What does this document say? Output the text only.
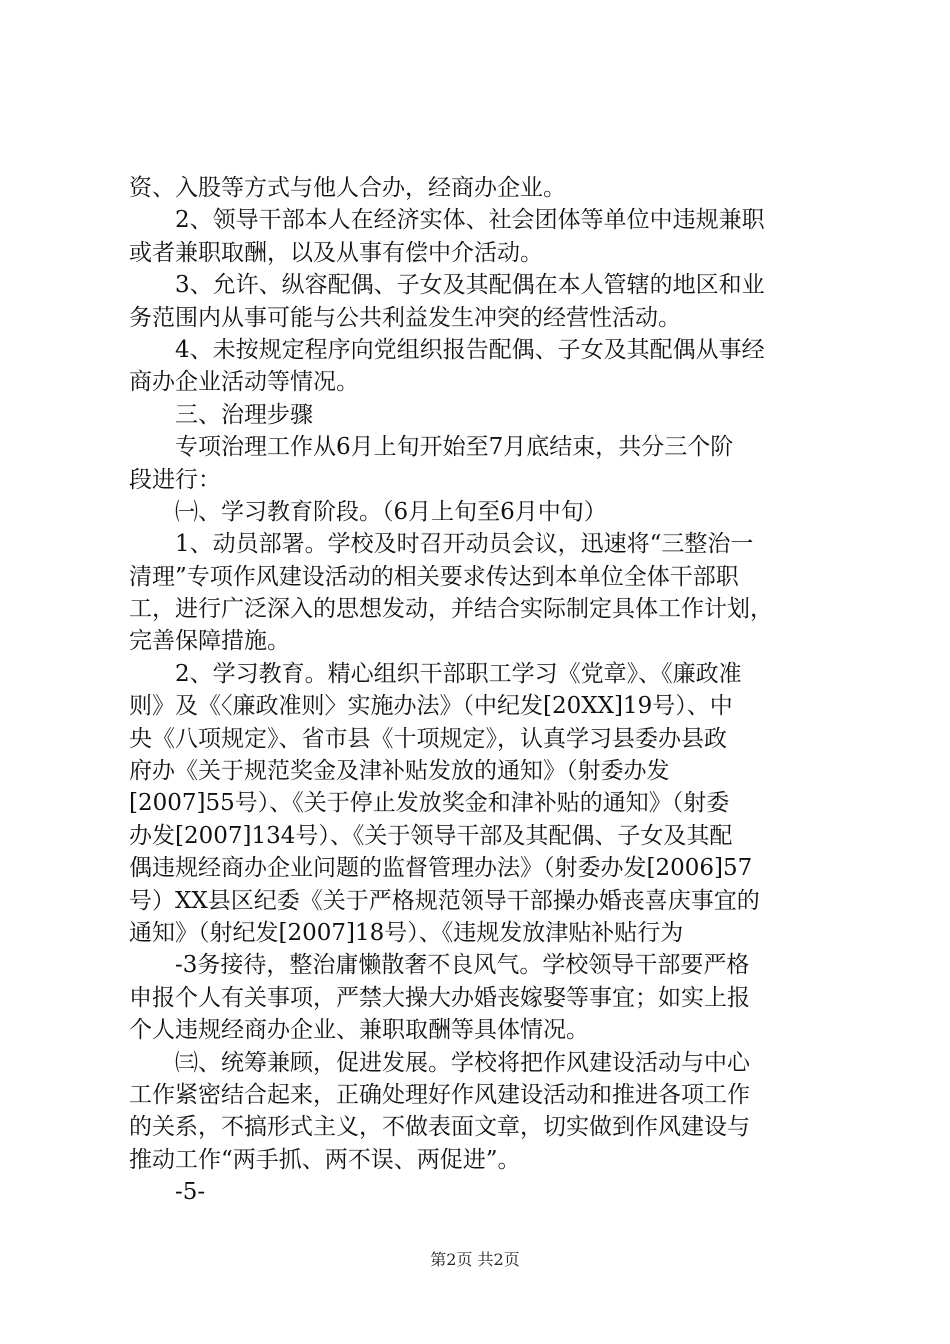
资、入股等方式与他人合办，经商办企业。
　　2、领导干部本人在经济实体、社会团体等单位中违规兼职
或者兼职取酬，以及从事有偿中介活动。
　　3、允许、纵容配偶、子女及其配偶在本人管辖的地区和业
务范围内从事可能与公共利益发生冲突的经营性活动。
　　4、未按规定程序向党组织报告配偶、子女及其配偶从事经
商办企业活动等情况。
　　三、治理步骤
　　专项治理工作从6月上旬开始至7月底结束，共分三个阶
段进行：
　　㈠、学习教育阶段。（6月上旬至6月中旬）
　　1、动员部署。学校及时召开动员会议，迅速将“三整治一
清理”专项作风建设活动的相关要求传达到本单位全体干部职
工，进行广泛深入的思想发动，并结合实际制定具体工作计划，
完善保障措施。
　　2、学习教育。精心组织干部职工学习《党章》、《廉政准
则》及《〈廉政准则〉实施办法》（中纪发[20XX]19号）、中
央《八项规定》、省市县《十项规定》，认真学习县委办县政
府办《关于规范奖金及津补贴发放的通知》（射委办发
[2007]55号）、《关于停止发放奖金和津补贴的通知》（射委
办发[2007]134号）、《关于领导干部及其配偶、子女及其配
偶违规经商办企业问题的监督管理办法》（射委办发[2006]57
号）XX县区纪委《关于严格规范领导干部操办婚丧喜庆事宜的
通知》（射纪发[2007]18号）、《违规发放津贴补贴行为
　　-3务接待，整治庸懒散奢不良风气。学校领导干部要严格
申报个人有关事项，严禁大操大办婚丧嫁娶等事宜；如实上报
个人违规经商办企业、兼职取酬等具体情况。
　　㈢、统筹兼顾，促进发展。学校将把作风建设活动与中心
工作紧密结合起来，正确处理好作风建设活动和推进各项工作
的关系，不搞形式主义，不做表面文章，切实做到作风建设与
推动工作“两手抓、两不误、两促进”。
　　-5-
第2页 共2页
